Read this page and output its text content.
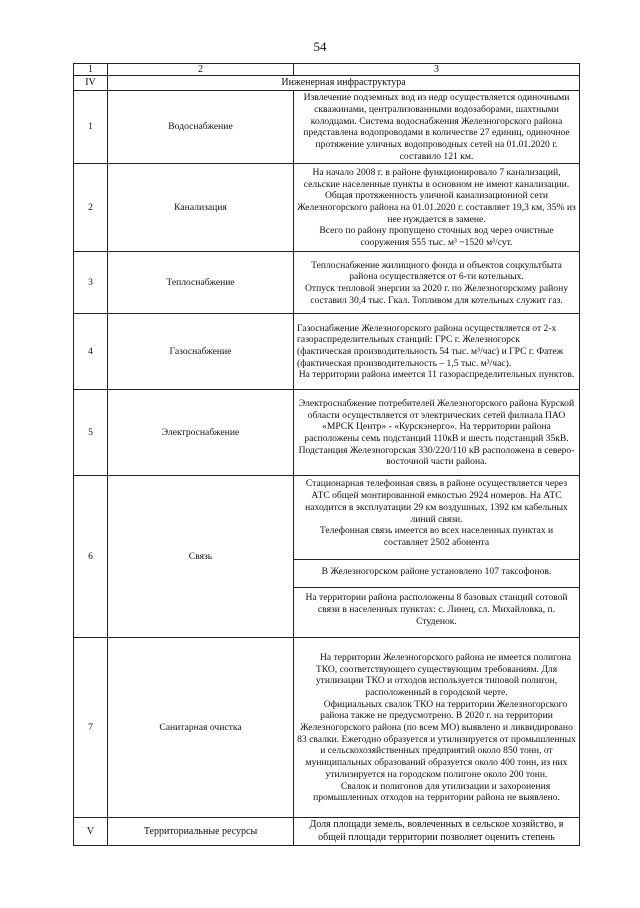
54
1	2	3
IV	Инженерная инфраструктура	
1	Водоснабжение	Извлечение подземных вод из недр осуществляется одиночными скважинами, централизованными водозаборами, шахтными колодцами. Система водоснабжения Железногорского района представлена водопроводами в количестве 27 единиц, одиночное протяжение уличных водопроводных сетей на 01.01.2020 г. составило 121 км.

2	Канализация	На начало 2008 г. в районе функционировало 7 канализаций, сельские населенные пункты в основном не имеют канализации. Общая протяженность уличной канализационной сети Железногорского района на 01.01.2020 г. составляет 19,3 км, 35% из нее нуждается в замене.
Всего по району пропущено сточных вод через очистные сооружения 555 тыс. м³ ~1520 м³/сут.

3	Теплоснабжение	Теплоснабжение жилищного фонда и объектов соцкультбыта района осуществляется от 6-ти котельных.
Отпуск тепловой энергии за 2020 г. по Железногорскому району составил 30,4 тыс. Гкал. Топливом для котельных служит газ.

4	Газоснабжение	Газоснабжение Железногорского района осуществляется от 2-х газораспределительных станций: ГРС г. Железногорск (фактическая производительность 54 тыс. м³/час) и ГРС г. Фатеж (фактическая производительность – 1,5 тыс. м³/час).
На территории района имеется 11 газораспределительных пунктов.

5	Электроснабжение	Электроснабжение потребителей Железногорского района Курской области осуществляется от электрических сетей филиала ПАО «МРСК Центр» - «Курскэнерго». На территории района расположены семь подстанций 110кВ и шесть подстанций 35кВ. Подстанция Железногорская 330/220/110 кВ расположена в северо-восточной части района.

6	Связь	Стационарная телефонная связь в районе осуществляется через АТС общей монтированной емкостью 2924 номеров. На АТС находится в эксплуатации 29 км воздушных, 1392 км кабельных линий связи.
Телефонная связь имеется во всех населенных пунктах и составляет 2502 абонента
В Железногорском районе установлено 107 таксофонов.
На территории района расположены 8 базовых станций сотовой связи в населенных пунктах: с. Линец, сл. Михайловка, п. Студенок.

7	Санитарная очистка	На территории Железногорского района не имеется полигона ТКО, соответствующего существующим требованиям. Для утилизации ТКО и отходов используется типовой полигон, расположенный в городской черте.
Официальных свалок ТКО на территории Железногорского района также не предусмотрено. В 2020 г. на территории Железногорского района (по всем МО) выявлено и ликвидировано 83 свалки. Ежегодно образуется и утилизируется от промышленных и сельскохозяйственных предприятий около 850 тонн, от муниципальных образований образуется около 400 тонн, из них утилизируется на городском полигоне около 200 тонн.
Свалок и полигонов для утилизации и захоронения промышленных отходов на территории района не выявлено.

V	Территориальные ресурсы	Доля площади земель, вовлеченных в сельское хозяйство, в общей площади территории позволяет оценить степень
